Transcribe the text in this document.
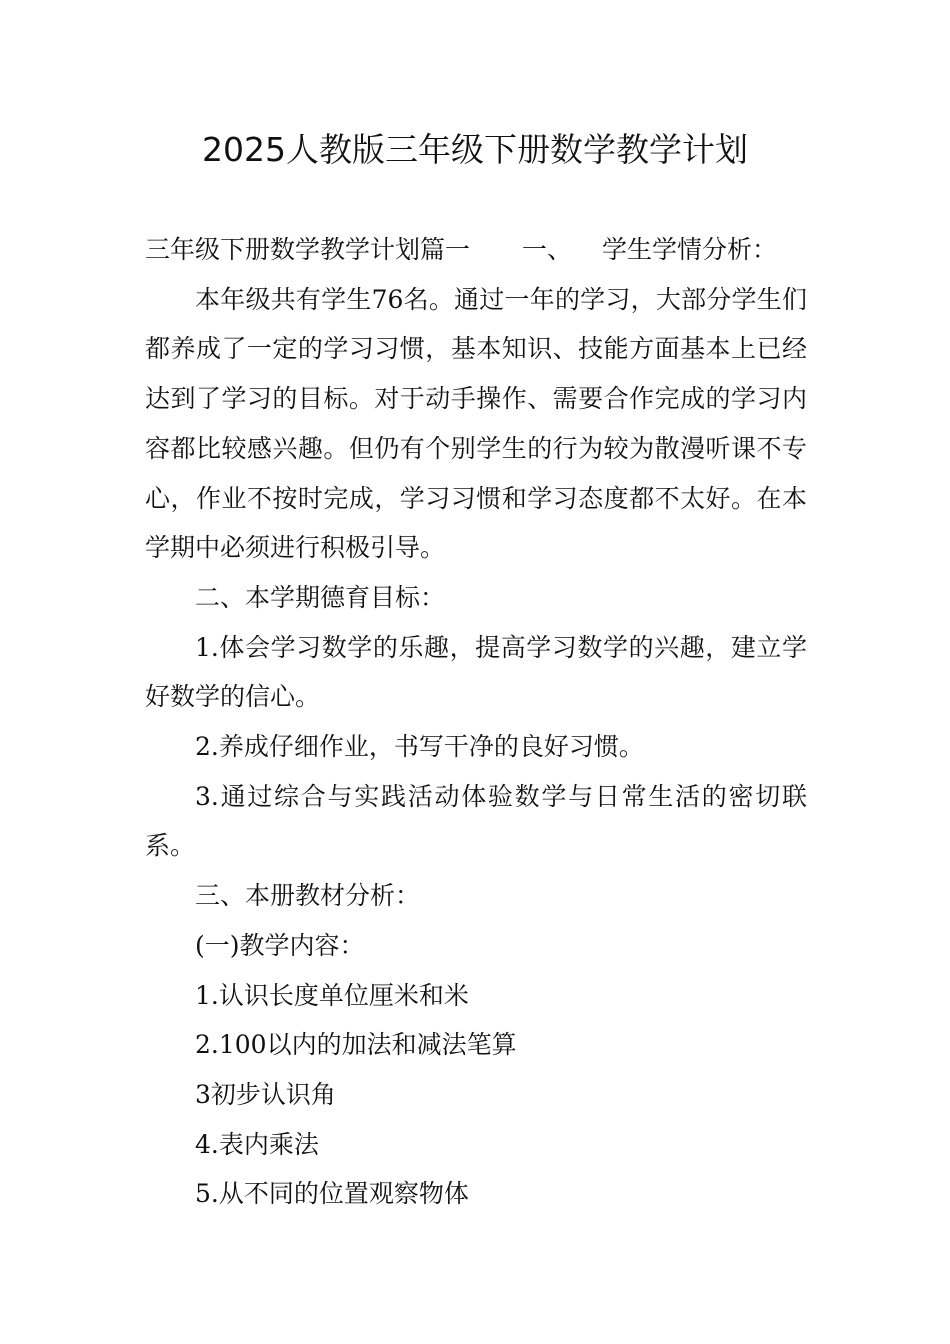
2025人教版三年级下册数学教学计划

三年级下册数学教学计划篇一 一、 学生学情分析：

本年级共有学生76名。通过一年的学习，大部分学生们都养成了一定的学习习惯，基本知识、技能方面基本上已经达到了学习的目标。对于动手操作、需要合作完成的学习内容都比较感兴趣。但仍有个别学生的行为较为散漫听课不专心，作业不按时完成，学习习惯和学习态度都不太好。在本学期中必须进行积极引导。

二、本学期德育目标：

1.体会学习数学的乐趣，提高学习数学的兴趣，建立学好数学的信心。

2.养成仔细作业，书写干净的良好习惯。

3.通过综合与实践活动体验数学与日常生活的密切联系。

三、本册教材分析：

(一)教学内容：

1.认识长度单位厘米和米

2.100以内的加法和减法笔算

3初步认识角

4.表内乘法

5.从不同的位置观察物体
